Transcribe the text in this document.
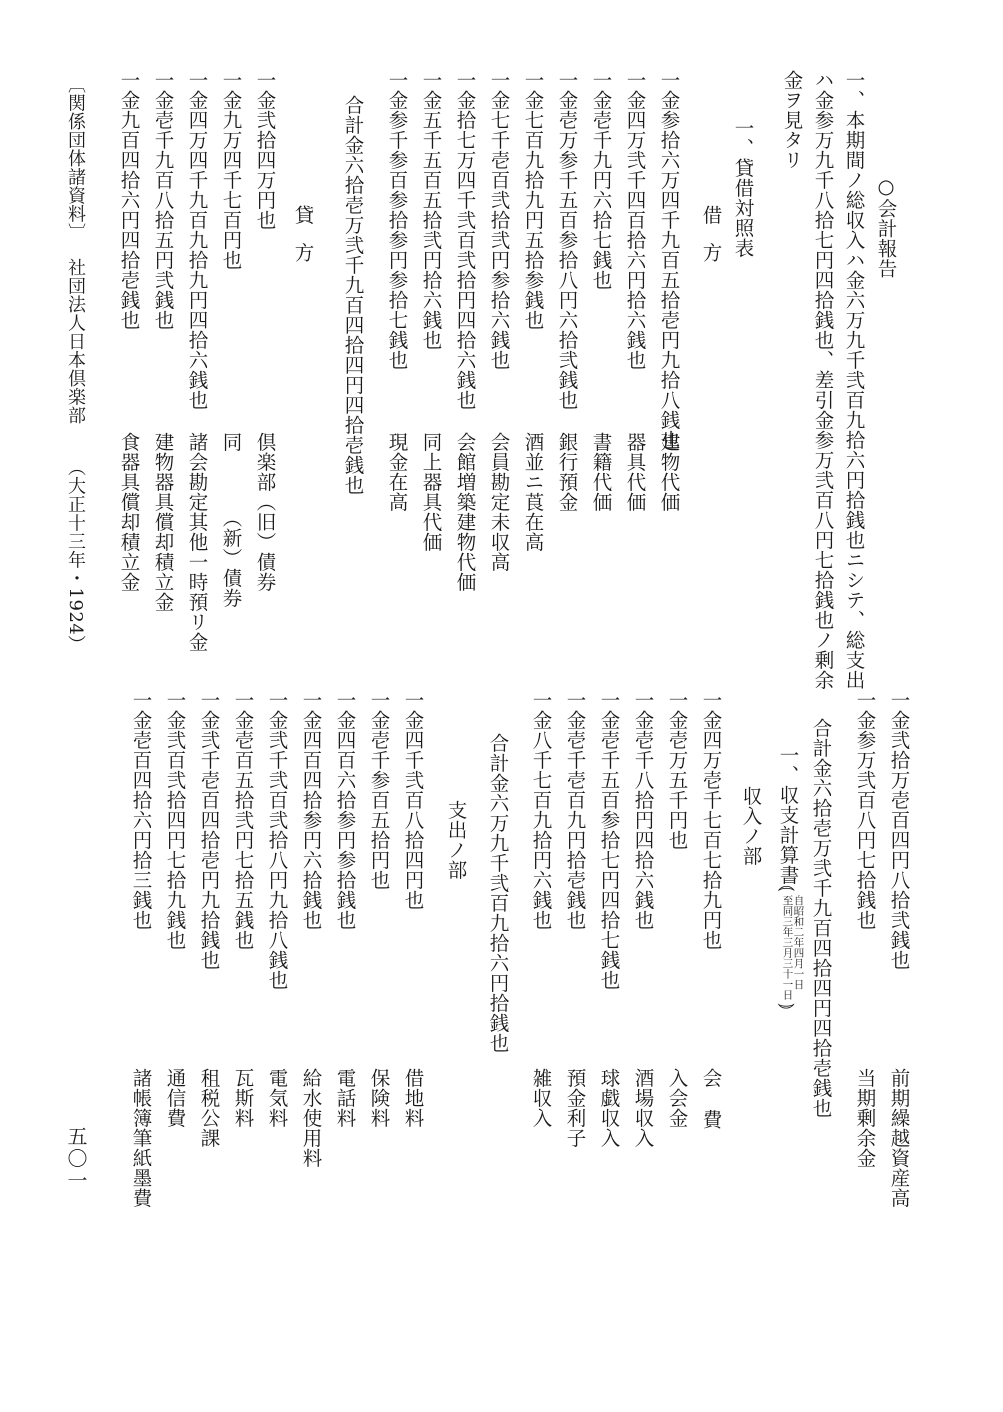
○会計報告
一、本期間ノ総収入ハ金六万九千弐百九拾六円拾銭也ニシテ、総支出
ハ金参万九千八拾七円四拾銭也、差引金参万弐百八円七拾銭也ノ剰余
金ヲ見タリ
一、貸借対照表
借方
一金参拾六万四千九百五拾壱円九拾八銭也
建物代価
一金四万弐千四百拾六円拾六銭也
器具代価
一金壱千九円六拾七銭也
書籍代価
一金壱万参千五百参拾八円六拾弐銭也
銀行預金
一金七百九拾九円五拾参銭也
酒並ニ莨在高
一金七千壱百弐拾弐円参拾六銭也
会員勘定未収高
一金拾七万四千弐百弐拾円四拾六銭也
会館増築建物代価
一金五千五百五拾弐円拾六銭也
同上器具代価
一金参千参百参拾参円参拾七銭也
現金在高
合計金六拾壱万弐千九百四拾四円四拾壱銭也
貸方
一金弐拾四万円也
倶楽部（旧）債券
一金九万四千七百円也
同
（新）債券
一金四万四千九百九拾九円四拾六銭也
諸会勘定其他一時預リ金
一金壱千九百八拾五円弐銭也
建物器具償却積立金
一金九百四拾六円四拾壱銭也
食器具償却積立金
〔関係団体諸資料〕
社団法人日本倶楽部
（大正十三年・1924）
一金弐拾万壱百四円八拾弐銭也
前期繰越資産高
一金参万弐百八円七拾銭也
当期剰余金
合計金六拾壱万弐千九百四拾四円四拾壱銭也
一、収支計算書⦅
自昭和二年四月一日
至同三年三月三十一日
⦆
収入ノ部
一金四万壱千七百七拾九円也
会費
一金壱万五千円也
入会金
一金壱千八拾円四拾六銭也
酒場収入
一金壱千五百参拾七円四拾七銭也
球戯収入
一金壱千壱百九円拾壱銭也
預金利子
一金八千七百九拾円六銭也
雑収入
合計金六万九千弐百九拾六円拾銭也
支出ノ部
一金四千弐百八拾四円也
借地料
一金壱千参百五拾円也
保険料
一金四百六拾参円参拾銭也
電話料
一金四百四拾参円六拾銭也
給水使用料
一金弐千弐百弐拾八円九拾八銭也
電気料
一金壱百五拾弐円七拾五銭也
瓦斯料
一金弐千壱百四拾壱円九拾銭也
租税公課
一金弐百弐拾四円七拾九銭也
通信費
一金壱百四拾六円拾三銭也
諸帳簿筆紙墨費
五〇一
